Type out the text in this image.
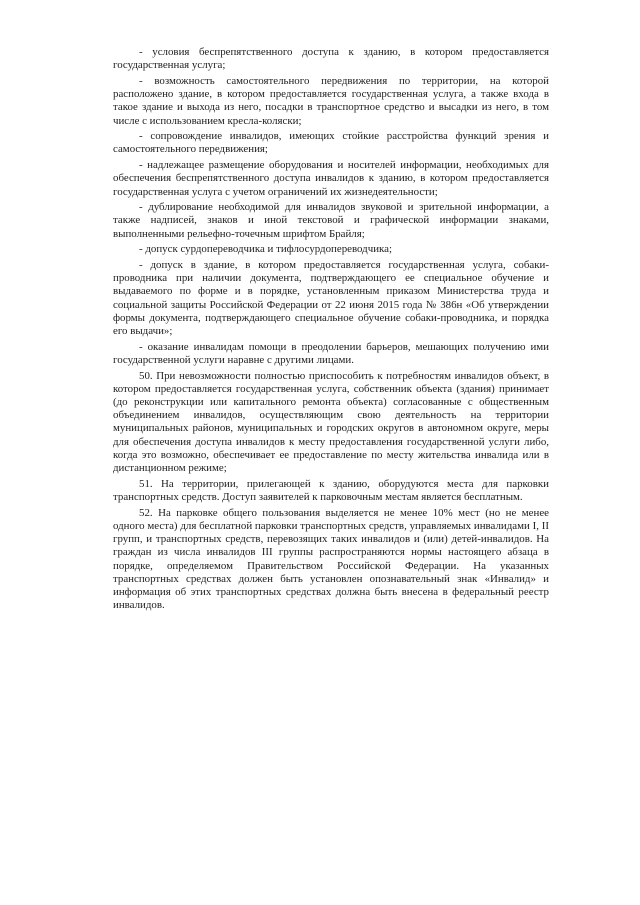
- условия беспрепятственного доступа к зданию, в котором предоставляется государственная услуга;

- возможность самостоятельного передвижения по территории, на которой расположено здание, в котором предоставляется государственная услуга, а также входа в такое здание и выхода из него, посадки в транспортное средство и высадки из него, в том числе с использованием кресла-коляски;

- сопровождение инвалидов, имеющих стойкие расстройства функций зрения и самостоятельного передвижения;

- надлежащее размещение оборудования и носителей информации, необходимых для обеспечения беспрепятственного доступа инвалидов к зданию, в котором предоставляется государственная услуга с учетом ограничений их жизнедеятельности;

- дублирование необходимой для инвалидов звуковой и зрительной информации, а также надписей, знаков и иной текстовой и графической информации знаками, выполненными рельефно-точечным шрифтом Брайля;

- допуск сурдопереводчика и тифлосурдопереводчика;

- допуск в здание, в котором предоставляется государственная услуга, собаки-проводника при наличии документа, подтверждающего ее специальное обучение и выдаваемого по форме и в порядке, установленным приказом Министерства труда и социальной защиты Российской Федерации от 22 июня 2015 года № 386н «Об утверждении формы документа, подтверждающего специальное обучение собаки-проводника, и порядка его выдачи»;

- оказание инвалидам помощи в преодолении барьеров, мешающих получению ими государственной услуги наравне с другими лицами.

50. При невозможности полностью приспособить к потребностям инвалидов объект, в котором предоставляется государственная услуга, собственник объекта (здания) принимает (до реконструкции или капитального ремонта объекта) согласованные с общественным объединением инвалидов, осуществляющим свою деятельность на территории муниципальных районов, муниципальных и городских округов в автономном округе, меры для обеспечения доступа инвалидов к месту предоставления государственной услуги либо, когда это возможно, обеспечивает ее предоставление по месту жительства инвалида или в дистанционном режиме;

51. На территории, прилегающей к зданию, оборудуются места для парковки транспортных средств. Доступ заявителей к парковочным местам является бесплатным.

52. На парковке общего пользования выделяется не менее 10% мест (но не менее одного места) для бесплатной парковки транспортных средств, управляемых инвалидами I, II групп, и транспортных средств, перевозящих таких инвалидов и (или) детей-инвалидов. На граждан из числа инвалидов III группы распространяются нормы настоящего абзаца в порядке, определяемом Правительством Российской Федерации. На указанных транспортных средствах должен быть установлен опознавательный знак «Инвалид» и информация об этих транспортных средствах должна быть внесена в федеральный реестр инвалидов.
